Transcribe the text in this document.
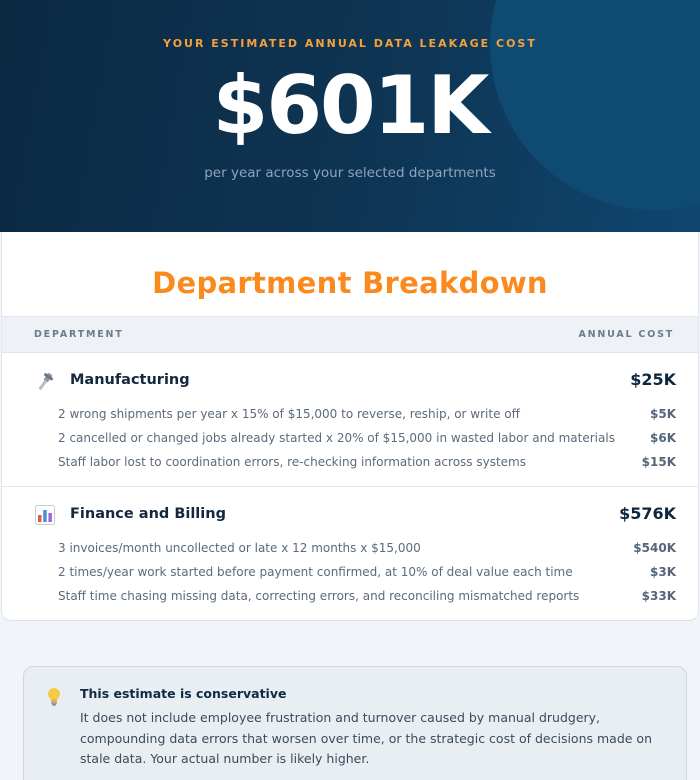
YOUR ESTIMATED ANNUAL DATA LEAKAGE COST
$601K
per year across your selected departments
Department Breakdown
DEPARTMENT	ANNUAL COST
Manufacturing	$25K
2 wrong shipments per year x 15% of $15,000 to reverse, reship, or write off	$5K
2 cancelled or changed jobs already started x 20% of $15,000 in wasted labor and materials	$6K
Staff labor lost to coordination errors, re-checking information across systems	$15K
Finance and Billing	$576K
3 invoices/month uncollected or late x 12 months x $15,000	$540K
2 times/year work started before payment confirmed, at 10% of deal value each time	$3K
Staff time chasing missing data, correcting errors, and reconciling mismatched reports	$33K
This estimate is conservative
It does not include employee frustration and turnover caused by manual drudgery, compounding data errors that worsen over time, or the strategic cost of decisions made on stale data. Your actual number is likely higher.
